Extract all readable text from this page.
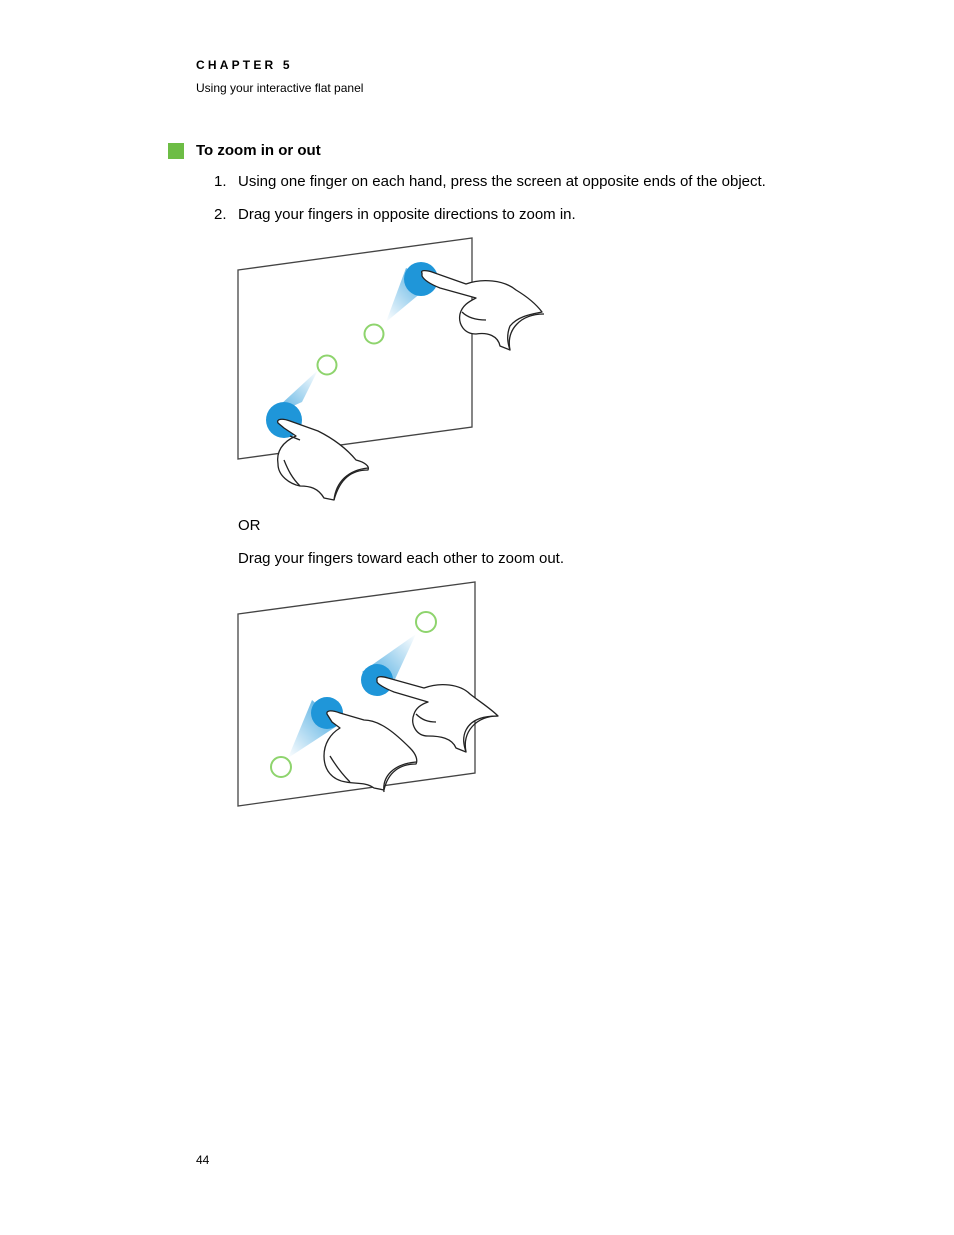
CHAPTER 5
Using your interactive flat panel
To zoom in or out
1. Using one finger on each hand, press the screen at opposite ends of the object.
2. Drag your fingers in opposite directions to zoom in.
OR
Drag your fingers toward each other to zoom out.
44
